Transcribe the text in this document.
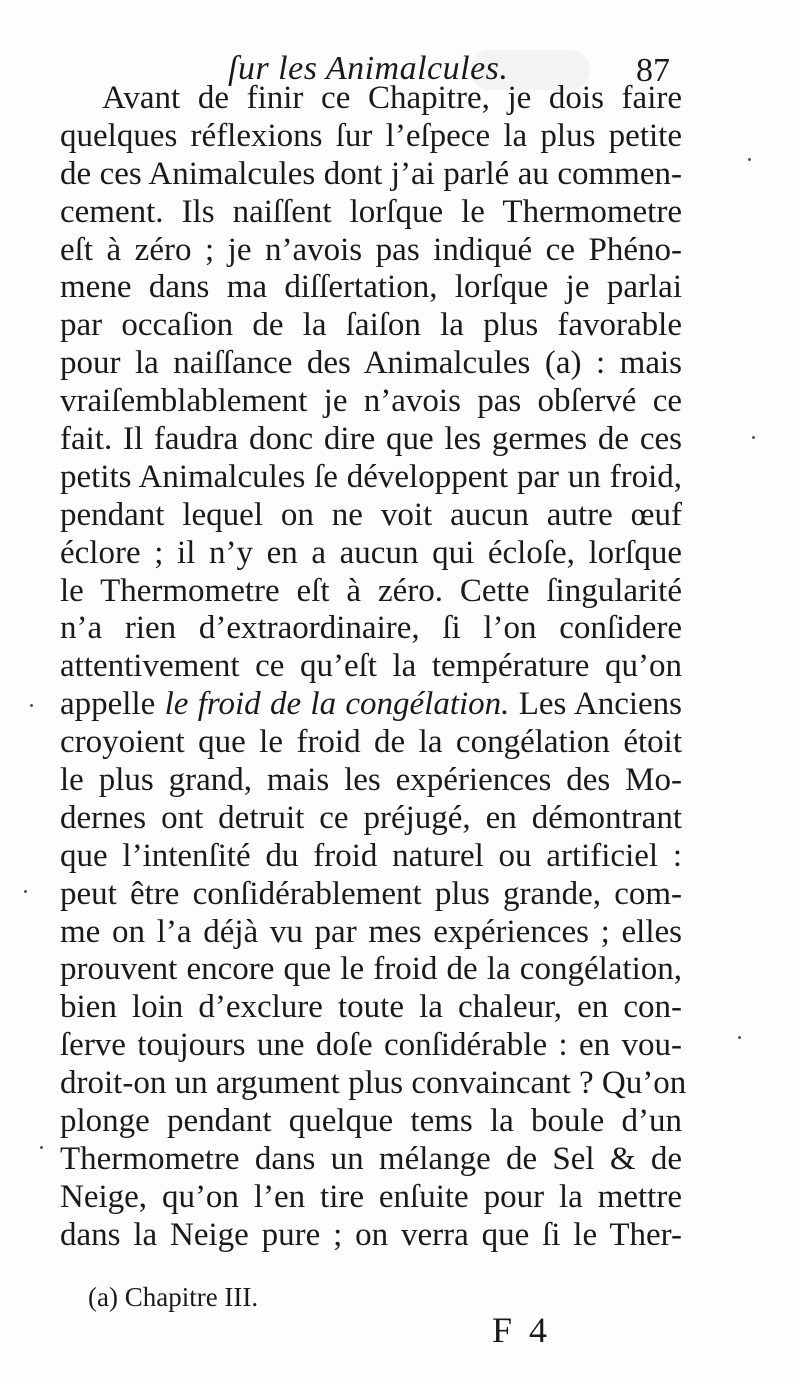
ſur les Animalcules.	87
Avant de finir ce Chapitre, je dois faire
quelques réflexions ſur l’eſpece la plus petite
de ces Animalcules dont j’ai parlé au commen-
cement. Ils naiſſent lorſque le Thermometre
eſt à zéro ; je n’avois pas indiqué ce Phéno-
mene dans ma diſſertation, lorſque je parlai
par occaſion de la ſaiſon la plus favorable
pour la naiſſance des Animalcules (a) : mais
vraiſemblablement je n’avois pas obſervé ce
fait. Il faudra donc dire que les germes de ces
petits Animalcules ſe développent par un froid,
pendant lequel on ne voit aucun autre œuf
éclore ; il n’y en a aucun qui écloſe, lorſque
le Thermometre eſt à zéro. Cette ſingularité
n’a rien d’extraordinaire, ſi l’on conſidere
attentivement ce qu’eſt la température qu’on
appelle le froid de la congélation. Les Anciens
croyoient que le froid de la congélation étoit
le plus grand, mais les expériences des Mo-
dernes ont detruit ce préjugé, en démontrant
que l’intenſité du froid naturel ou artificiel :
peut être conſidérablement plus grande, com-
me on l’a déjà vu par mes expériences ; elles
prouvent encore que le froid de la congélation,
bien loin d’exclure toute la chaleur, en con-
ſerve toujours une doſe conſidérable : en vou-
droit-on un argument plus convaincant ? Qu’on
plonge pendant quelque tems la boule d’un
Thermometre dans un mélange de Sel & de
Neige, qu’on l’en tire enſuite pour la mettre
dans la Neige pure ; on verra que ſi le Ther-
(a) Chapitre III.
F 4
